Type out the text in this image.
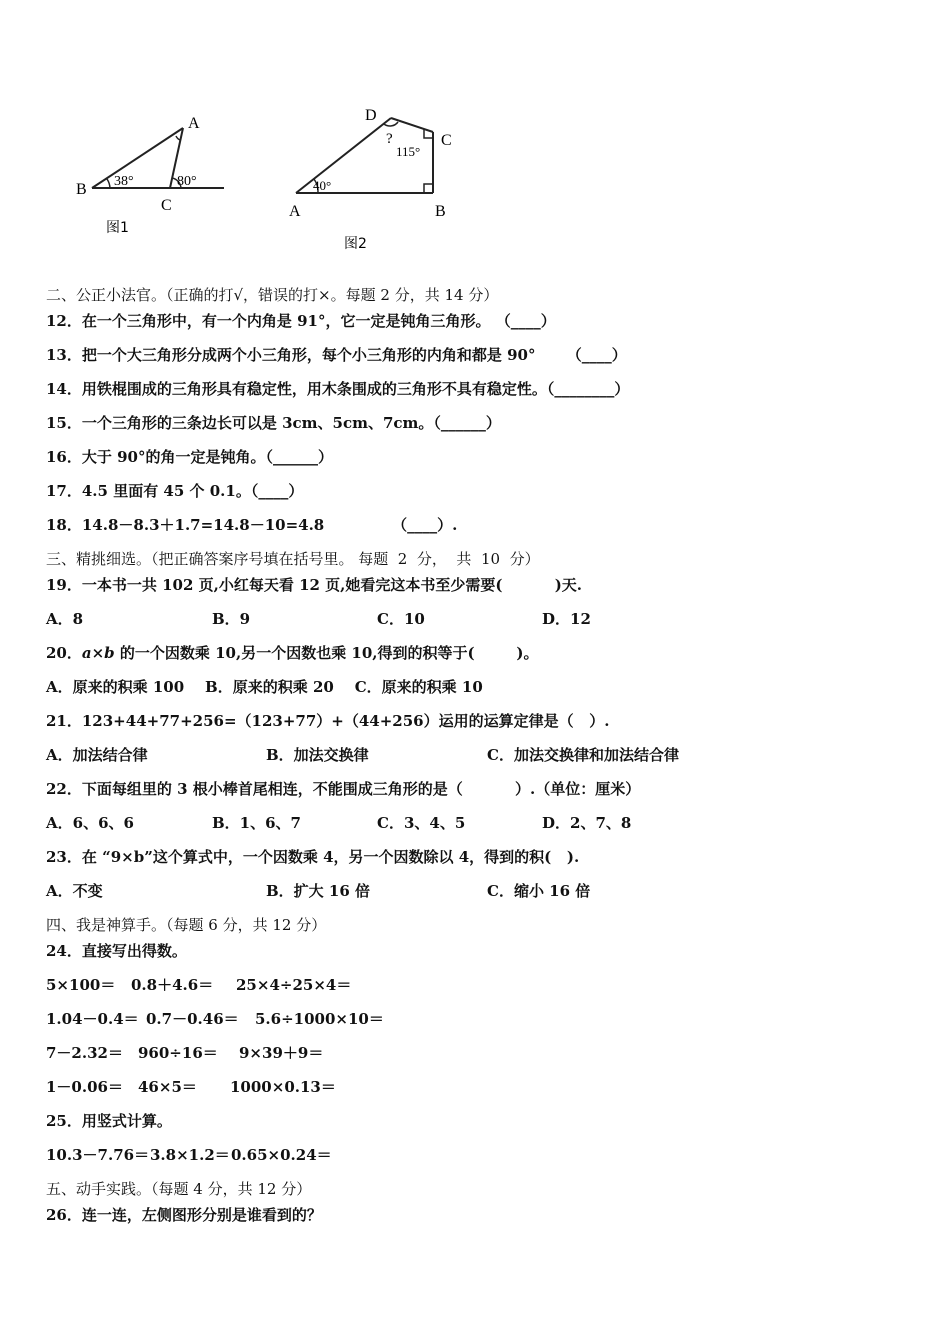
A
B
C
38°	80°
图1
D
C
A	B
40°
115°
?
图2
二、公正小法官。（正确的打√，错误的打×。每题 2 分，共 14 分）
12．在一个三角形中，有一个内角是 91°，它一定是钝角三角形。 （____）
13．把一个大三角形分成两个小三角形，每个小三角形的内角和都是 90°      （____）
14．用铁棍围成的三角形具有稳定性，用木条围成的三角形不具有稳定性。（________）
15．一个三角形的三条边长可以是 3cm、5cm、7cm。（______）
16．大于 90°的角一定是钝角。（______）
17．4.5 里面有 45 个 0.1。（____）
18．14.8－8.3＋1.7=14.8－10=4.8             （____）.
三、精挑细选。（把正确答案序号填在括号里。 每题  2  分，  共  10  分）
19．一本书一共 102 页,小红每天看 12 页,她看完这本书至少需要(          )天.

A．8

	B．9

	C．10

	D．12

20．a×b 的一个因数乘 10,另一个因数也乘 10,得到的积等于(        )。
A．原来的积乘 100    B．原来的积乘 20    C．原来的积乘 10
21．123+44+77+256=（123+77）+（44+256）运用的运算定律是（   ）.

A．加法结合律

	B．加法交换律

	C．加法交换律和加法结合律

22．下面每组里的 3 根小棒首尾相连，不能围成三角形的是（          ）.（单位：厘米）

A．6、6、6

	B．1、6、7

	C．3、4、5

	D．2、7、8

23．在 “9×b”这个算式中，一个因数乘 4，另一个因数除以 4，得到的积(   ).

A．不变

	B．扩大 16 倍

	C．缩小 16 倍

四、我是神算手。（每题 6 分，共 12 分）
24．直接写出得数。

5×100＝

0.8＋4.6＝

25×4÷25×4＝

1.04－0.4＝

0.7－0.46＝

5.6÷1000×10＝

7－2.32＝

960÷16＝

9×39＋9＝

1－0.06＝

46×5＝

1000×0.13＝

25．用竖式计算。

10.3－7.76＝

3.8×1.2＝

0.65×0.24＝

五、动手实践。（每题 4 分，共 12 分）
26．连一连，左侧图形分别是谁看到的？
